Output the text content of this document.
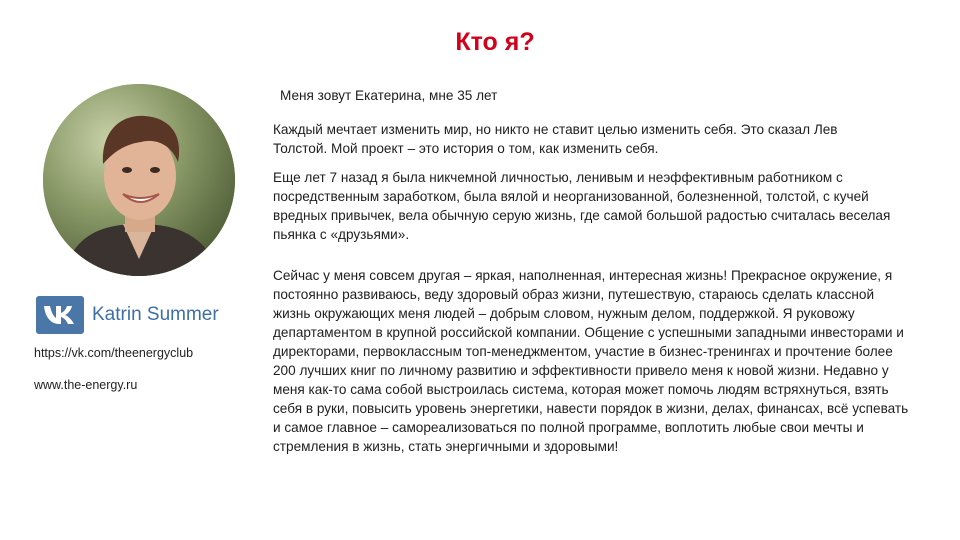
Кто я?
Katrin Summer
https://vk.com/theenergyclub
www.the-energy.ru

Меня зовут Екатерина, мне 35 лет

Каждый мечтает изменить мир, но никто не ставит целью изменить себя. Это сказал Лев Толстой. Мой проект – это история о том, как изменить себя.

Еще лет 7 назад я была никчемной личностью, ленивым и неэффективным работником с посредственным заработком, была вялой и неорганизованной, болезненной, толстой, с кучей вредных привычек, вела обычную серую жизнь, где самой большой радостью считалась веселая пьянка с «друзьями».

Сейчас у меня совсем другая – яркая, наполненная, интересная жизнь! Прекрасное окружение, я постоянно развиваюсь, веду здоровый образ жизни, путешествую, стараюсь сделать классной жизнь окружающих меня людей – добрым словом, нужным делом, поддержкой. Я руковожу департаментом в крупной российской компании. Общение с успешными западными инвесторами и директорами, первоклассным топ-менеджментом, участие в бизнес-тренингах и прочтение более 200 лучших книг по личному развитию и эффективности привело меня к новой жизни. Недавно у меня как-то сама собой выстроилась система, которая может помочь людям встряхнуться, взять себя в руки, повысить уровень энергетики, навести порядок в жизни, делах, финансах, всё успевать и самое главное – самореализоваться по полной программе, воплотить любые свои мечты и стремления в жизнь, стать энергичными и здоровыми!
